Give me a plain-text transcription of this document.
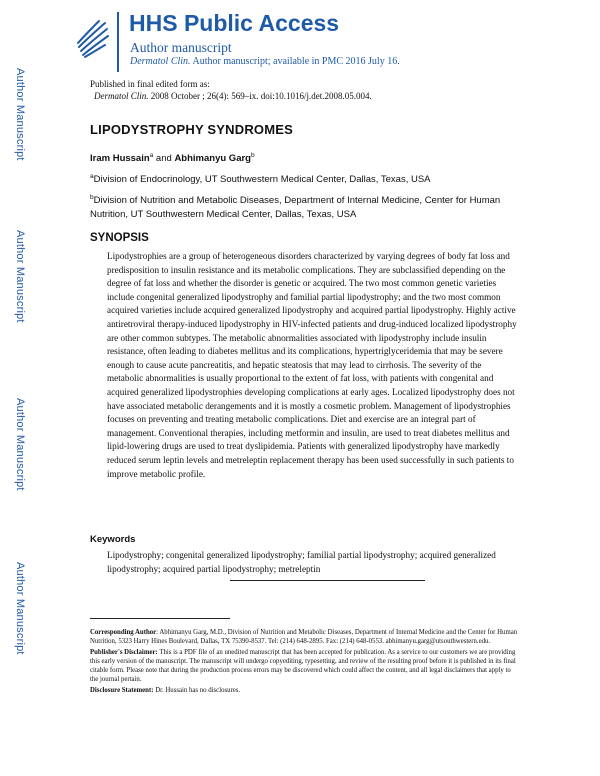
Author Manuscript
Author Manuscript
Author Manuscript
Author Manuscript
HHS Public Access
Author manuscript
Dermatol Clin. Author manuscript; available in PMC 2016 July 16.
Published in final edited form as:
Dermatol Clin. 2008 October ; 26(4): 569–ix. doi:10.1016/j.det.2008.05.004.
LIPODYSTROPHY SYNDROMES
Iram Hussain$^a$ and Abhimanyu Garg$^b$
$^a$Division of Endocrinology, UT Southwestern Medical Center, Dallas, Texas, USA
$^b$Division of Nutrition and Metabolic Diseases, Department of Internal Medicine, Center for Human Nutrition, UT Southwestern Medical Center, Dallas, Texas, USA
SYNOPSIS

Lipodystrophies are a group of heterogeneous disorders characterized by varying degrees of body fat loss and predisposition to insulin resistance and its metabolic complications. They are subclassified depending on the degree of fat loss and whether the disorder is genetic or acquired. The two most common genetic varieties include congenital generalized lipodystrophy and familial partial lipodystrophy; and the two most common acquired varieties include acquired generalized lipodystrophy and acquired partial lipodystrophy. Highly active antiretroviral therapy-induced lipodystrophy in HIV-infected patients and drug-induced localized lipodystrophy are other common subtypes. The metabolic abnormalities associated with lipodystrophy include insulin resistance, often leading to diabetes mellitus and its complications, hypertriglyceridemia that may be severe enough to cause acute pancreatitis, and hepatic steatosis that may lead to cirrhosis. The severity of the metabolic abnormalities is usually proportional to the extent of fat loss, with patients with congenital and acquired generalized lipodystrophies developing complications at early ages. Localized lipodystrophy does not have associated metabolic derangements and it is mostly a cosmetic problem. Management of lipodystrophies focuses on preventing and treating metabolic complications. Diet and exercise are an integral part of management. Conventional therapies, including metformin and insulin, are used to treat diabetes mellitus and lipid-lowering drugs are used to treat dyslipidemia. Patients with generalized lipodystrophy have markedly reduced serum leptin levels and metreleptin replacement therapy has been used successfully in such patients to improve metabolic profile.

Keywords

Lipodystrophy; congenital generalized lipodystrophy; familial partial lipodystrophy; acquired generalized lipodystrophy; acquired partial lipodystrophy; metreleptin

Corresponding Author: Abhimanyu Garg, M.D., Division of Nutrition and Metabolic Diseases, Department of Internal Medicine and the Center for Human Nutrition, 5323 Harry Hines Boulevard, Dallas, TX 75390-8537. Tel: (214) 648-2895. Fax: (214) 648-0553. abhimanyu.garg@utsouthwestern.edu.

Publisher's Disclaimer: This is a PDF file of an unedited manuscript that has been accepted for publication. As a service to our customers we are providing this early version of the manuscript. The manuscript will undergo copyediting, typesetting, and review of the resulting proof before it is published in its final citable form. Please note that during the production process errors may be discovered which could affect the content, and all legal disclaimers that apply to the journal pertain.

Disclosure Statement: Dr. Hussain has no disclosures.
